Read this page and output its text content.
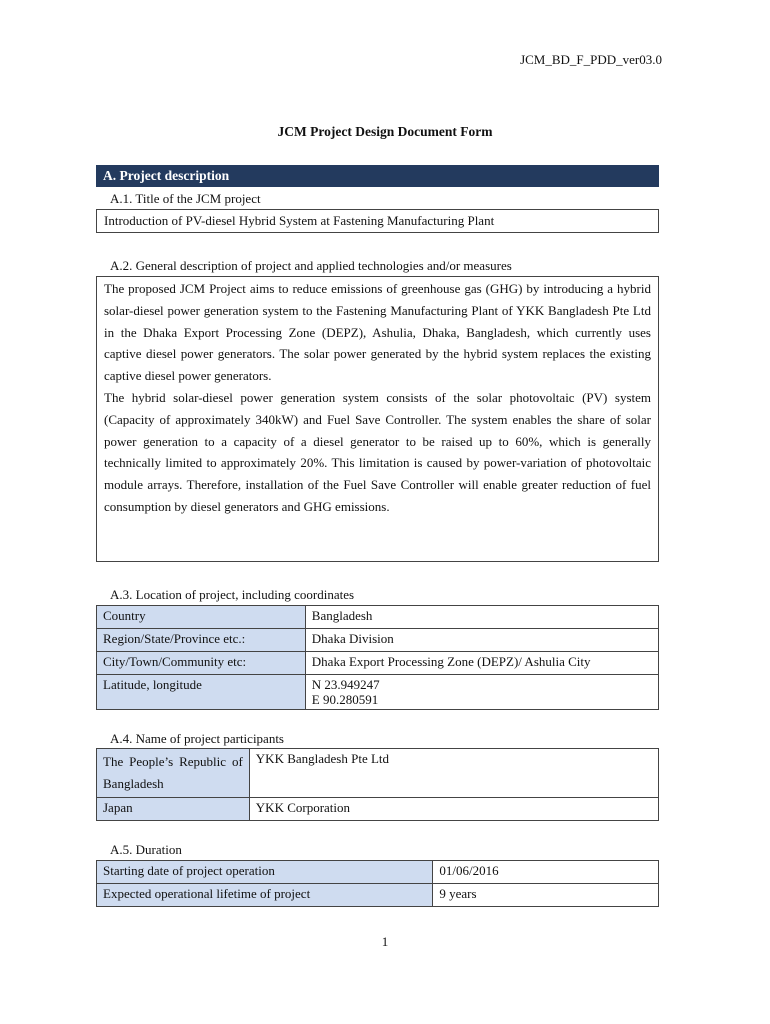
JCM_BD_F_PDD_ver03.0
JCM Project Design Document Form
A. Project description
A.1. Title of the JCM project
Introduction of PV-diesel Hybrid System at Fastening Manufacturing Plant
A.2. General description of project and applied technologies and/or measures

The proposed JCM Project aims to reduce emissions of greenhouse gas (GHG) by introducing a hybrid solar-diesel power generation system to the Fastening Manufacturing Plant of YKK Bangladesh Pte Ltd in the Dhaka Export Processing Zone (DEPZ), Ashulia, Dhaka, Bangladesh, which currently uses captive diesel power generators. The solar power generated by the hybrid system replaces the existing captive diesel power generators.

The hybrid solar-diesel power generation system consists of the solar photovoltaic (PV) system (Capacity of approximately 340kW) and Fuel Save Controller. The system enables the share of solar power generation to a capacity of a diesel generator to be raised up to 60%, which is generally technically limited to approximately 20%. This limitation is caused by power-variation of photovoltaic module arrays. Therefore, installation of the Fuel Save Controller will enable greater reduction of fuel consumption by diesel generators and GHG emissions.

A.3. Location of project, including coordinates
Country	Bangladesh
Region/State/Province etc.:	Dhaka Division
City/Town/Community etc:	Dhaka Export Processing Zone (DEPZ)/ Ashulia City
Latitude, longitude	N 23.949247
E 90.280591
A.4. Name of project participants
The People’s Republic of Bangladesh	YKK Bangladesh Pte Ltd
Japan	YKK Corporation
A.5. Duration
Starting date of project operation	01/06/2016
Expected operational lifetime of project	9 years
1
